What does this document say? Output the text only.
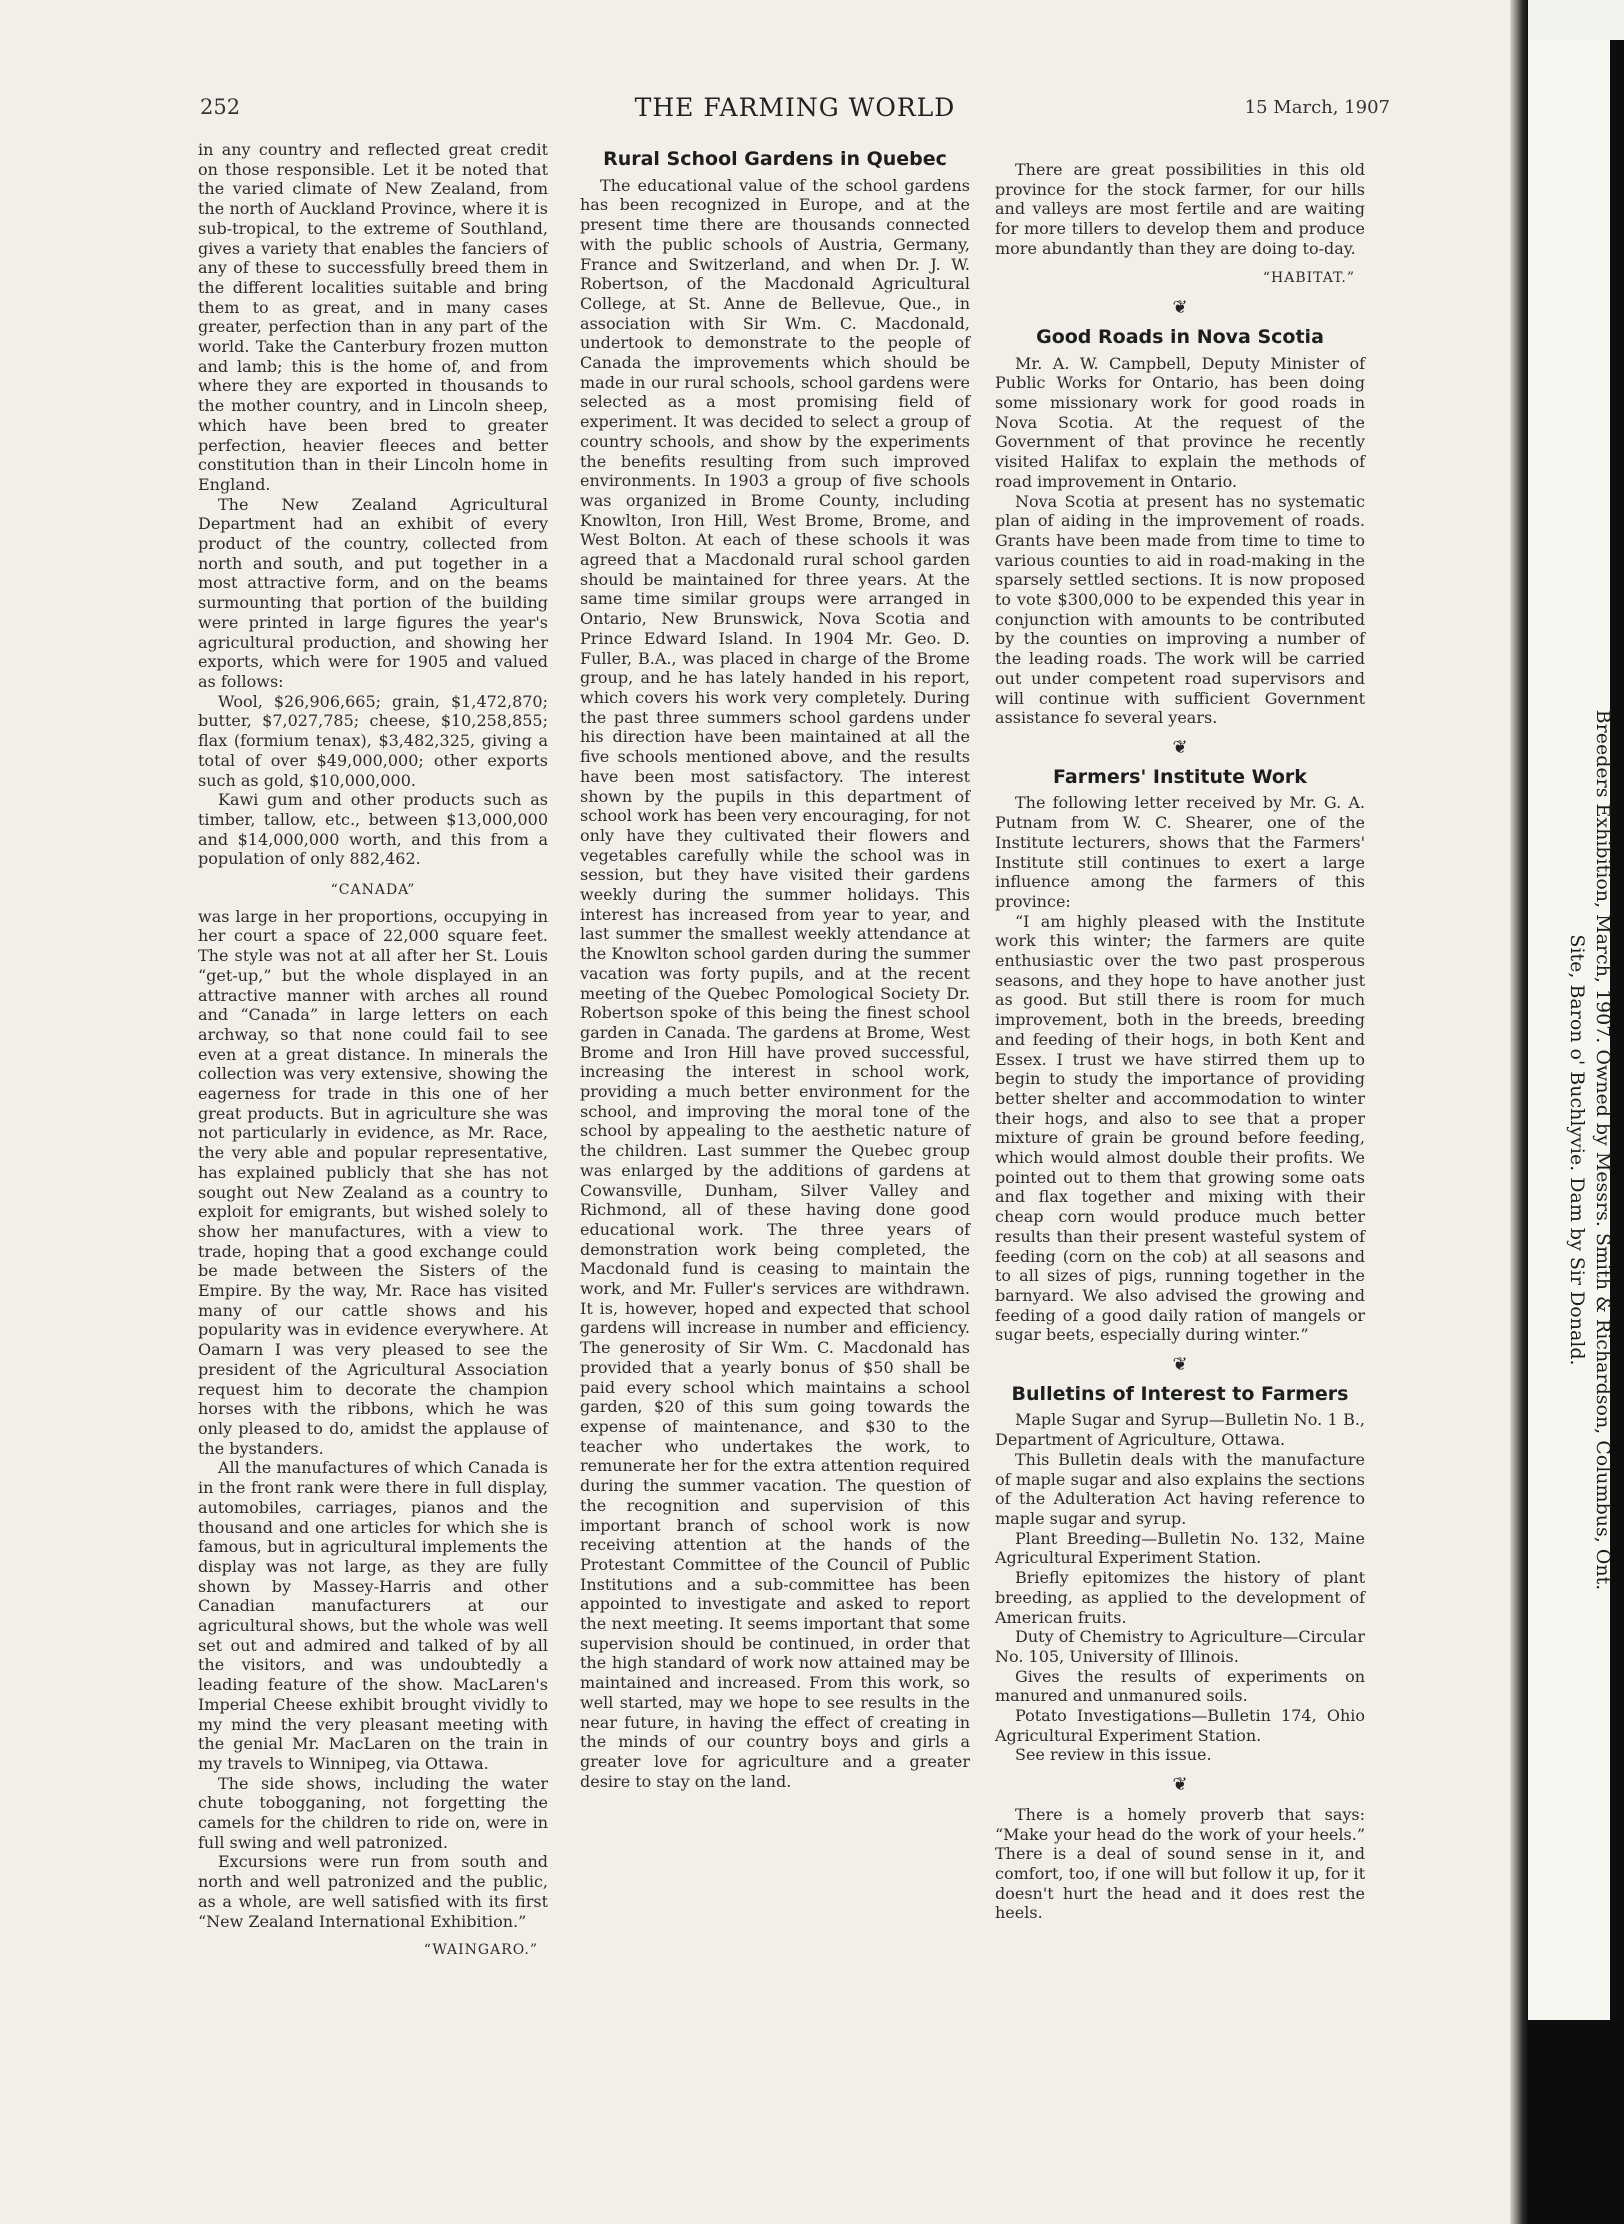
252	THE FARMING WORLD	15 March, 1907

in any country and reflected great credit on those responsible. Let it be noted that the varied climate of New Zealand, from the north of Auckland Province, where it is sub-tropical, to the extreme of Southland, gives a variety that enables the fanciers of any of these to successfully breed them in the different localities suitable and bring them to as great, and in many cases greater, perfection than in any part of the world. Take the Canterbury frozen mutton and lamb; this is the home of, and from where they are exported in thousands to the mother country, and in Lincoln sheep, which have been bred to greater perfection, heavier fleeces and better constitution than in their Lincoln home in England.

The New Zealand Agricultural Department had an exhibit of every product of the country, collected from north and south, and put together in a most attractive form, and on the beams surmounting that portion of the building were printed in large figures the year's agricultural production, and showing her exports, which were for 1905 and valued as follows:

Wool, $26,906,665; grain, $1,472,870; butter, $7,027,785; cheese, $10,258,855; flax (formium tenax), $3,482,325, giving a total of over $49,000,000; other exports such as gold, $10,000,000.

Kawi gum and other products such as timber, tallow, etc., between $13,000,000 and $14,000,000 worth, and this from a population of only 882,462.

“CANADA”

was large in her proportions, occupying in her court a space of 22,000 square feet. The style was not at all after her St. Louis “get-up,” but the whole displayed in an attractive manner with arches all round and “Canada” in large letters on each archway, so that none could fail to see even at a great distance. In minerals the collection was very extensive, showing the eagerness for trade in this one of her great products. But in agriculture she was not particularly in evidence, as Mr. Race, the very able and popular representative, has explained publicly that she has not sought out New Zealand as a country to exploit for emigrants, but wished solely to show her manufactures, with a view to trade, hoping that a good exchange could be made between the Sisters of the Empire. By the way, Mr. Race has visited many of our cattle shows and his popularity was in evidence everywhere. At Oamarn I was very pleased to see the president of the Agricultural Association request him to decorate the champion horses with the ribbons, which he was only pleased to do, amidst the applause of the bystanders.

All the manufactures of which Canada is in the front rank were there in full display, automobiles, carriages, pianos and the thousand and one articles for which she is famous, but in agricultural implements the display was not large, as they are fully shown by Massey-Harris and other Canadian manufacturers at our agricultural shows, but the whole was well set out and admired and talked of by all the visitors, and was undoubtedly a leading feature of the show. MacLaren's Imperial Cheese exhibit brought vividly to my mind the very pleasant meeting with the genial Mr. MacLaren on the train in my travels to Winnipeg, via Ottawa.

The side shows, including the water chute tobogganing, not forgetting the camels for the children to ride on, were in full swing and well patronized.

Excursions were run from south and north and well patronized and the public, as a whole, are well satisfied with its first “New Zealand International Exhibition.”

“WAINGARO.”
Rural School Gardens in Quebec

The educational value of the school gardens has been recognized in Europe, and at the present time there are thousands connected with the public schools of Austria, Germany, France and Switzerland, and when Dr. J. W. Robertson, of the Macdonald Agricultural College, at St. Anne de Bellevue, Que., in association with Sir Wm. C. Macdonald, undertook to demonstrate to the people of Canada the improvements which should be made in our rural schools, school gardens were selected as a most promising field of experiment. It was decided to select a group of country schools, and show by the experiments the benefits resulting from such improved environments. In 1903 a group of five schools was organized in Brome County, including Knowlton, Iron Hill, West Brome, Brome, and West Bolton. At each of these schools it was agreed that a Macdonald rural school garden should be maintained for three years. At the same time similar groups were arranged in Ontario, New Brunswick, Nova Scotia and Prince Edward Island. In 1904 Mr. Geo. D. Fuller, B.A., was placed in charge of the Brome group, and he has lately handed in his report, which covers his work very completely. During the past three summers school gardens under his direction have been maintained at all the five schools mentioned above, and the results have been most satisfactory. The interest shown by the pupils in this department of school work has been very encouraging, for not only have they cultivated their flowers and vegetables carefully while the school was in session, but they have visited their gardens weekly during the summer holidays. This interest has increased from year to year, and last summer the smallest weekly attendance at the Knowlton school garden during the summer vacation was forty pupils, and at the recent meeting of the Quebec Pomological Society Dr. Robertson spoke of this being the finest school garden in Canada. The gardens at Brome, West Brome and Iron Hill have proved successful, increasing the interest in school work, providing a much better environment for the school, and improving the moral tone of the school by appealing to the aesthetic nature of the children. Last summer the Quebec group was enlarged by the additions of gardens at Cowansville, Dunham, Silver Valley and Richmond, all of these having done good educational work. The three years of demonstration work being completed, the Macdonald fund is ceasing to maintain the work, and Mr. Fuller's services are withdrawn. It is, however, hoped and expected that school gardens will increase in number and efficiency. The generosity of Sir Wm. C. Macdonald has provided that a yearly bonus of $50 shall be paid every school which maintains a school garden, $20 of this sum going towards the expense of maintenance, and $30 to the teacher who undertakes the work, to remunerate her for the extra attention required during the summer vacation. The question of the recognition and supervision of this important branch of school work is now receiving attention at the hands of the Protestant Committee of the Council of Public Institutions and a sub-committee has been appointed to investigate and asked to report the next meeting. It seems important that some supervision should be continued, in order that the high standard of work now attained may be maintained and increased. From this work, so well started, may we hope to see results in the near future, in having the effect of creating in the minds of our country boys and girls a greater love for agriculture and a greater desire to stay on the land.

There are great possibilities in this old province for the stock farmer, for our hills and valleys are most fertile and are waiting for more tillers to develop them and produce more abundantly than they are doing to-day.

“HABITAT.”
❦
Good Roads in Nova Scotia

Mr. A. W. Campbell, Deputy Minister of Public Works for Ontario, has been doing some missionary work for good roads in Nova Scotia. At the request of the Government of that province he recently visited Halifax to explain the methods of road improvement in Ontario.

Nova Scotia at present has no systematic plan of aiding in the improvement of roads. Grants have been made from time to time to various counties to aid in road-making in the sparsely settled sections. It is now proposed to vote $300,000 to be expended this year in conjunction with amounts to be contributed by the counties on improving a number of the leading roads. The work will be carried out under competent road supervisors and will continue with sufficient Government assistance fo several years.

❦
Farmers' Institute Work

The following letter received by Mr. G. A. Putnam from W. C. Shearer, one of the Institute lecturers, shows that the Farmers' Institute still continues to exert a large influence among the farmers of this province:

“I am highly pleased with the Institute work this winter; the farmers are quite enthusiastic over the two past prosperous seasons, and they hope to have another just as good. But still there is room for much improvement, both in the breeds, breeding and feeding of their hogs, in both Kent and Essex. I trust we have stirred them up to begin to study the importance of providing better shelter and accommodation to winter their hogs, and also to see that a proper mixture of grain be ground before feeding, which would almost double their profits. We pointed out to them that growing some oats and flax together and mixing with their cheap corn would produce much better results than their present wasteful system of feeding (corn on the cob) at all seasons and to all sizes of pigs, running together in the barnyard. We also advised the growing and feeding of a good daily ration of mangels or sugar beets, especially during winter.”

❦
Bulletins of Interest to Farmers

Maple Sugar and Syrup—Bulletin No. 1 B., Department of Agriculture, Ottawa.

This Bulletin deals with the manufacture of maple sugar and also explains the sections of the Adulteration Act having reference to maple sugar and syrup.

Plant Breeding—Bulletin No. 132, Maine Agricultural Experiment Station.

Briefly epitomizes the history of plant breeding, as applied to the development of American fruits.

Duty of Chemistry to Agriculture—Circular No. 105, University of Illinois.

Gives the results of experiments on manured and unmanured soils.

Potato Investigations—Bulletin 174, Ohio Agricultural Experiment Station.

See review in this issue.

❦

There is a homely proverb that says: “Make your head do the work of your heels.” There is a deal of sound sense in it, and comfort, too, if one will but follow it up, for it doesn't hurt the head and it does rest the heels.

Breeders Exhibition, March, 1907. Owned by Messrs. Smith & Richardson, Columbus, Ont.
Site, Baron o' Buchlyvie. Dam by Sir Donald.
